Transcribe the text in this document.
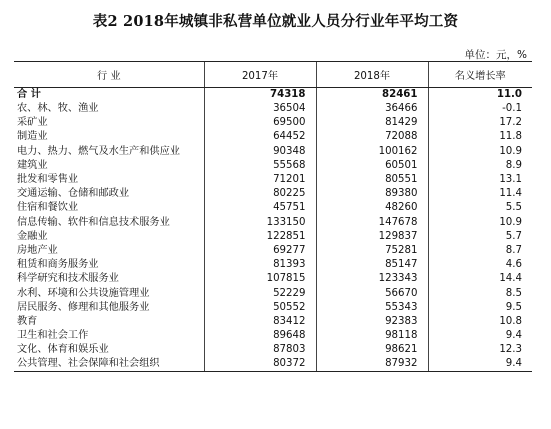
表2 2018年城镇非私营单位就业人员分行业年平均工资
单位：元，%
行 业	2017年	2018年	名义增长率
合 计	74318	82461	11.0
农、林、牧、渔业	36504	36466	-0.1
采矿业	69500	81429	17.2
制造业	64452	72088	11.8
电力、热力、燃气及水生产和供应业	90348	100162	10.9
建筑业	55568	60501	8.9
批发和零售业	71201	80551	13.1
交通运输、仓储和邮政业	80225	89380	11.4
住宿和餐饮业	45751	48260	5.5
信息传输、软件和信息技术服务业	133150	147678	10.9
金融业	122851	129837	5.7
房地产业	69277	75281	8.7
租赁和商务服务业	81393	85147	4.6
科学研究和技术服务业	107815	123343	14.4
水利、环境和公共设施管理业	52229	56670	8.5
居民服务、修理和其他服务业	50552	55343	9.5
教育	83412	92383	10.8
卫生和社会工作	89648	98118	9.4
文化、体育和娱乐业	87803	98621	12.3
公共管理、社会保障和社会组织	80372	87932	9.4
